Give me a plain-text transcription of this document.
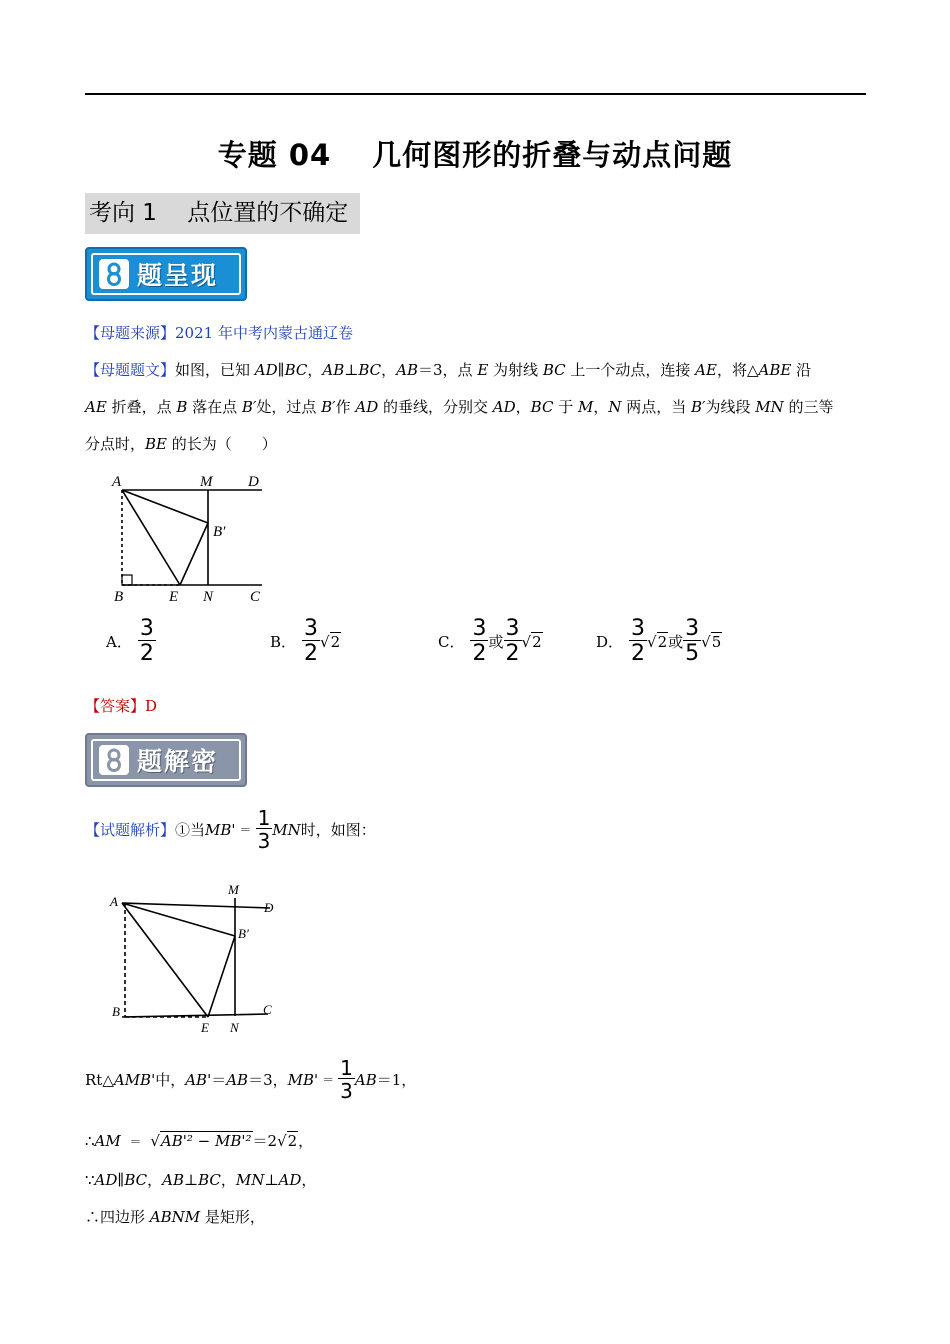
专题 04　 几何图形的折叠与动点问题
考向 1　 点位置的不确定
题呈现
【母题来源】2021 年中考内蒙古通辽卷
【母题题文】如图，已知 AD∥BC，AB⊥BC，AB＝3，点 E 为射线 BC 上一个动点，连接 AE，将△ABE 沿
AE 折叠，点 B 落在点 B′处，过点 B′作 AD 的垂线，分别交 AD，BC 于 M，N 两点，当 B′为线段 MN 的三等
分点时，BE 的长为（　　）
A	M D
B′
B	E N C
A． $\frac{3}{2}$	B． $\frac{3}{2} √2$	C． $\frac{3}{2}$ 或 $\frac{3}{2} √2$	D． $\frac{3}{2} √2$ 或 $\frac{3}{5} √5$
【答案】D
题解密
【试题解析】 ①当 $MB' = \frac{1}{3}$ MN 时，如图：
A
M
D
B′
B
E N
C
Rt△ AMB' 中， AB' ＝ AB ＝3， $MB' = \frac{1}{3}$ AB ＝1，
∴AM ＝ √AB'² − MB'²＝2√2，
∵AD∥BC，AB⊥BC，MN⊥AD，
∴四边形 ABNM 是矩形，
